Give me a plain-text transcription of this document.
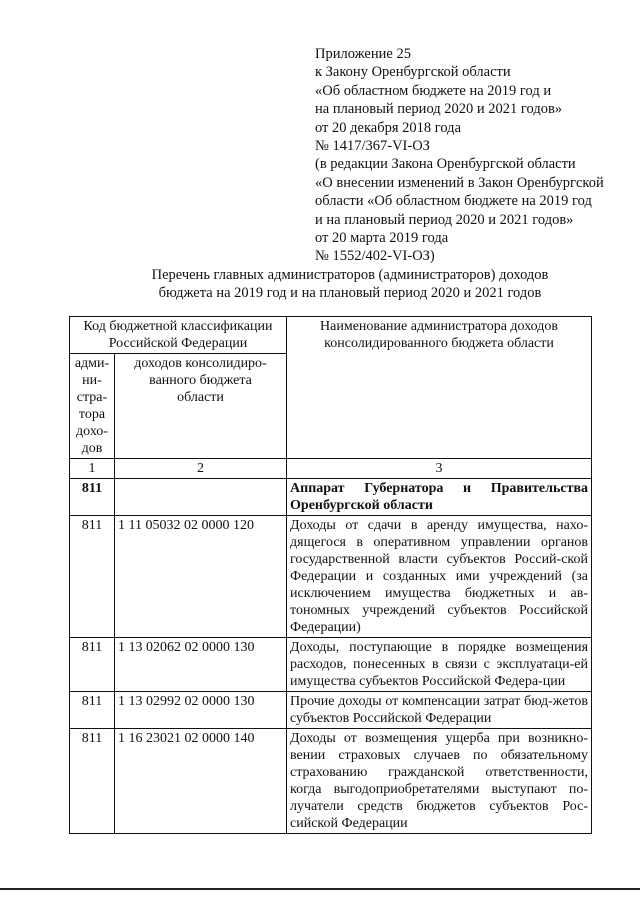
Приложение 25
к Закону Оренбургской области
«Об областном бюджете на 2019 год и
на плановый период 2020 и 2021 годов»
от 20 декабря 2018 года
№ 1417/367-VI-ОЗ
(в редакции Закона Оренбургской области
«О внесении изменений в Закон Оренбургской
области «Об областном бюджете на 2019 год
и на плановый период 2020 и 2021 годов»
от 20 марта 2019 года
№ 1552/402-VI-ОЗ)
Перечень главных администраторов (администраторов) доходов
бюджета на 2019 год и на плановый период 2020 и 2021 годов
Код бюджетной классификации Российской Федерации		Наименование администратора доходов консолидированного бюджета области
адми-ни-стра-тора дохо-дов	доходов консолидиро-ванного бюджета области	
1	2	3
811		Аппарат Губернатора и Правительства Оренбургской области
811	1 11 05032 02 0000 120	Доходы от сдачи в аренду имущества, нахо-дящегося в оперативном управлении органов государственной власти субъектов Россий-ской Федерации и созданных ими учреждений (за исключением имущества бюджетных и ав-тономных учреждений субъектов Российской Федерации)
811	1 13 02062 02 0000 130	Доходы, поступающие в порядке возмещения расходов, понесенных в связи с эксплуатаци-ей имущества субъектов Российской Федера-ции
811	1 13 02992 02 0000 130	Прочие доходы от компенсации затрат бюд-жетов субъектов Российской Федерации
811	1 16 23021 02 0000 140	Доходы от возмещения ущерба при возникно-вении страховых случаев по обязательному страхованию гражданской ответственности, когда выгодоприобретателями выступают по-лучатели средств бюджетов субъектов Рос-сийской Федерации
